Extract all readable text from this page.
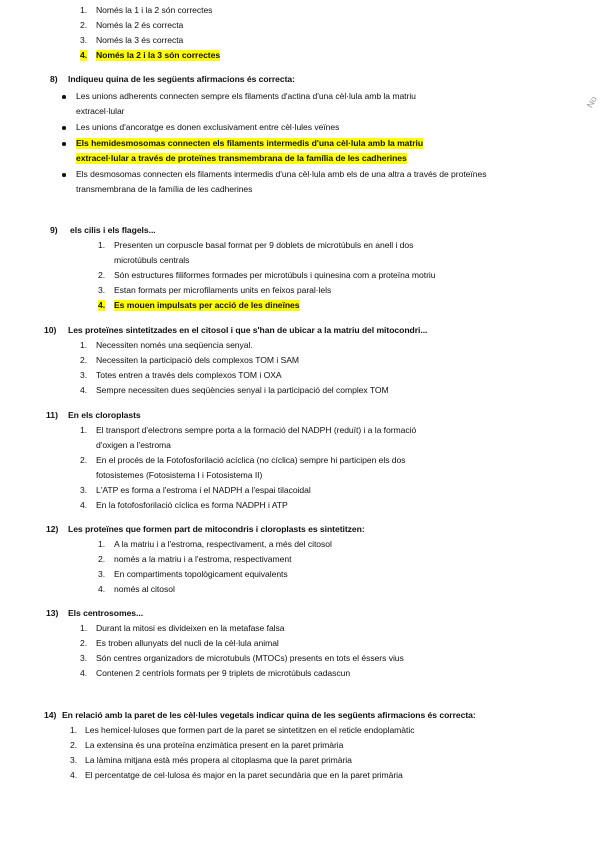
1. Només la 1 i la 2 són correctes
2. Només la 2 és correcta
3. Només la 3 és correcta
4. Només la 2 i la 3 són correctes
8) Indiqueu quina de les següents afirmacions és correcta:
Les unions adherents connecten sempre els filaments d'actina d'una cèl·lula amb la matriu
extracel·lular
Les unions d'ancoratge es donen exclusivament entre cèl·lules veïnes
Els hemidesmosomas connecten els filaments intermedis d'una cèl·lula amb la matriu
extracel·lular a través de proteïnes transmembrana de la família de les cadherines
Els desmosomas connecten els filaments intermedis d'una cèl·lula amb els de una altra a través de proteïnes
transmembrana de la família de les cadherines
No
9) els cilis i els flagels...
1. Presenten un corpuscle basal format per 9 doblets de microtúbuls en anell i dos
microtúbuls centrals
2. Són estructures filiformes formades per microtúbuls i quinesina com a proteïna motriu
3. Estan formats per microfilaments units en feixos paral·lels
4. Es mouen impulsats per acció de les dineïnes
10) Les proteïnes sintetitzades en el citosol i que s'han de ubicar a la matriu del mitocondri...
1. Necessiten només una seqüencia senyal.
2. Necessiten la participació dels complexos TOM i SAM
3. Totes entren a través dels complexos TOM i OXA
4. Sempre necessiten dues seqüències senyal i la participació del complex TOM
11) En els cloroplasts
1. El transport d'electrons sempre porta a la formació del NADPH (reduït) i a la formació
d'oxigen a l'estroma
2. En el procés de la Fotofosforilació acíclica (no cíclica) sempre hi participen els dos
fotosistemes (Fotosistema I i Fotosistema II)
3. L'ATP es forma a l'estroma i el NADPH a l'espai tilacoidal
4. En la fotofosforilació cíclica es forma NADPH i ATP
12) Les proteïnes que formen part de mitocondris i cloroplasts es sintetitzen:
1. A la matriu i a l'estroma, respectivament, a més del citosol
2. només a la matriu i a l'estroma, respectivament
3. En compartiments topològicament equivalents
4. només al citosol
13) Els centrosomes...
1. Durant la mitosi es divideixen en la metafase falsa
2. Es troben allunyats del nucli de la cèl·lula animal
3. Són centres organizadors de microtubuls (MTOCs) presents en tots el éssers vius
4. Contenen 2 centríols formats per 9 triplets de microtúbuls cadascun
14) En relació amb la paret de les cèl·lules vegetals indicar quina de les següents afirmacions és correcta:
1. Les hemicel·luloses que formen part de la paret se sintetitzen en el reticle endoplamàtic
2. La extensina és una proteïna enzimàtica present en la paret primària
3. La làmina mitjana està més propera al citoplasma que la paret primària
4. El percentatge de cel·lulosa és major en la paret secundària que en la paret primària
